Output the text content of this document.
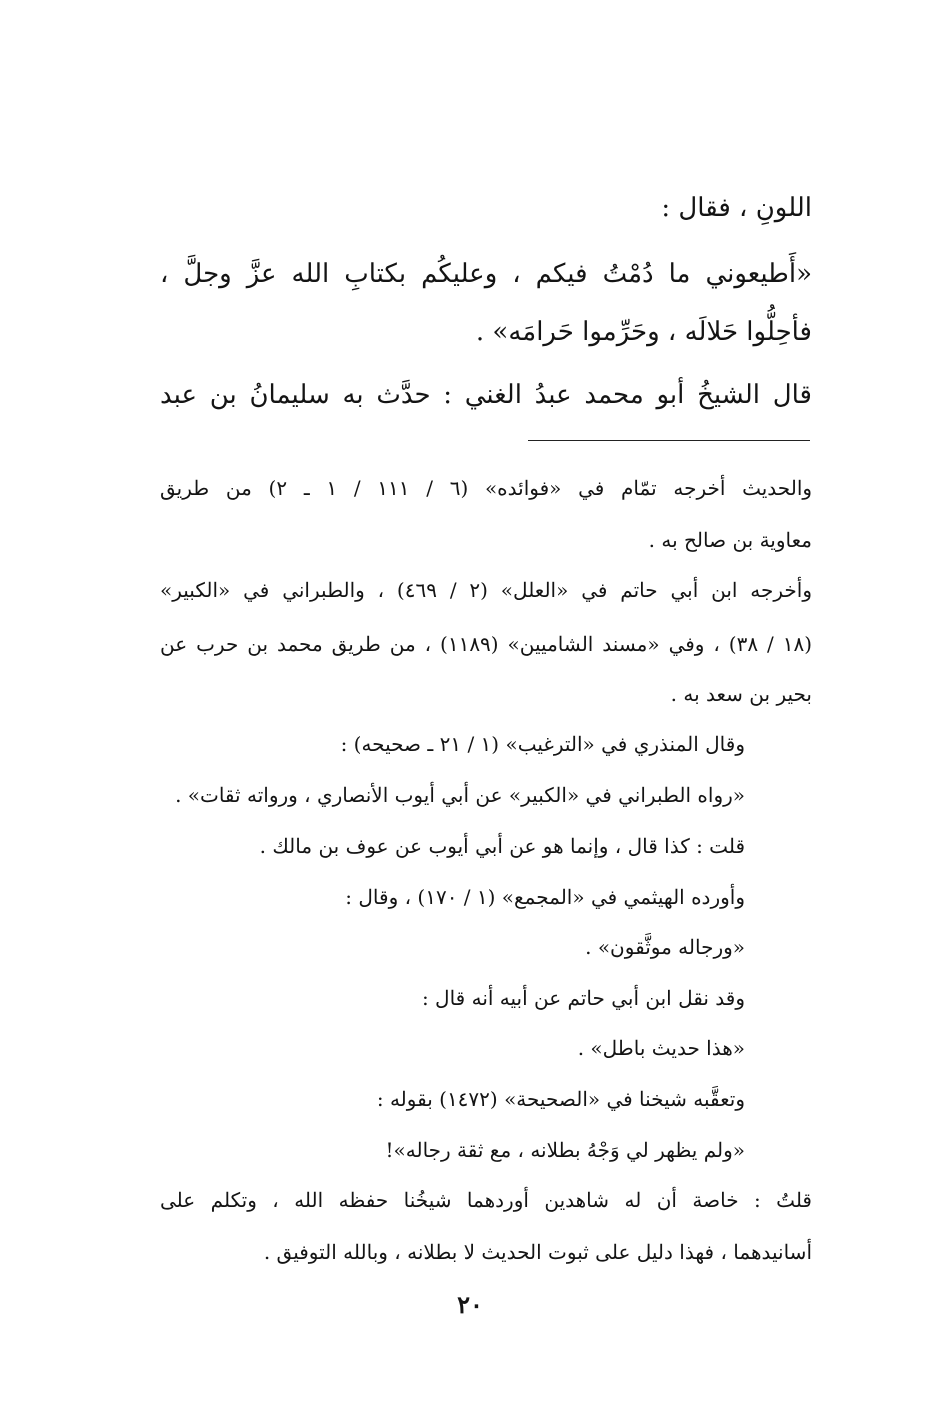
اللونِ ، فقال :
«أَطيعوني ما دُمْتُ فيكم ، وعليكُم بكتابِ الله عزَّ وجلَّ ،
فأحِلُّوا حَلالَه ، وحَرِّموا حَرامَه» .
قال الشيخُ أبو محمد عبدُ الغني : حدَّث به سليمانُ بن عبد
والحديث أخرجه تمّام في «فوائده» (٦ / ١١١ / ١ ـ ٢) من طريق
معاوية بن صالح به .
وأخرجه ابن أبي حاتم في «العلل» (٢ / ٤٦٩) ، والطبراني في «الكبير»
(١٨ / ٣٨) ، وفي «مسند الشاميين» (١١٨٩) ، من طريق محمد بن حرب عن
بحير بن سعد به .
وقال المنذري في «الترغيب» (١ / ٢١ ـ صحيحه) :
«رواه الطبراني في «الكبير» عن أبي أيوب الأنصاري ، ورواته ثقات» .
قلت : كذا قال ، وإنما هو عن أبي أيوب عن عوف بن مالك .
وأورده الهيثمي في «المجمع» (١ / ١٧٠) ، وقال :
«ورجاله موثَّقون» .
وقد نقل ابن أبي حاتم عن أبيه أنه قال :
«هذا حديث باطل» .
وتعقَّبه شيخنا في «الصحيحة» (١٤٧٢) بقوله :
«ولم يظهر لي وَجْهُ بطلانه ، مع ثقة رجاله»!
قلتُ : خاصة أن له شاهدين أوردهما شيخُنا حفظه الله ، وتكلم على
أسانيدهما ، فهذا دليل على ثبوت الحديث لا بطلانه ، وبالله التوفيق .
٢٠
